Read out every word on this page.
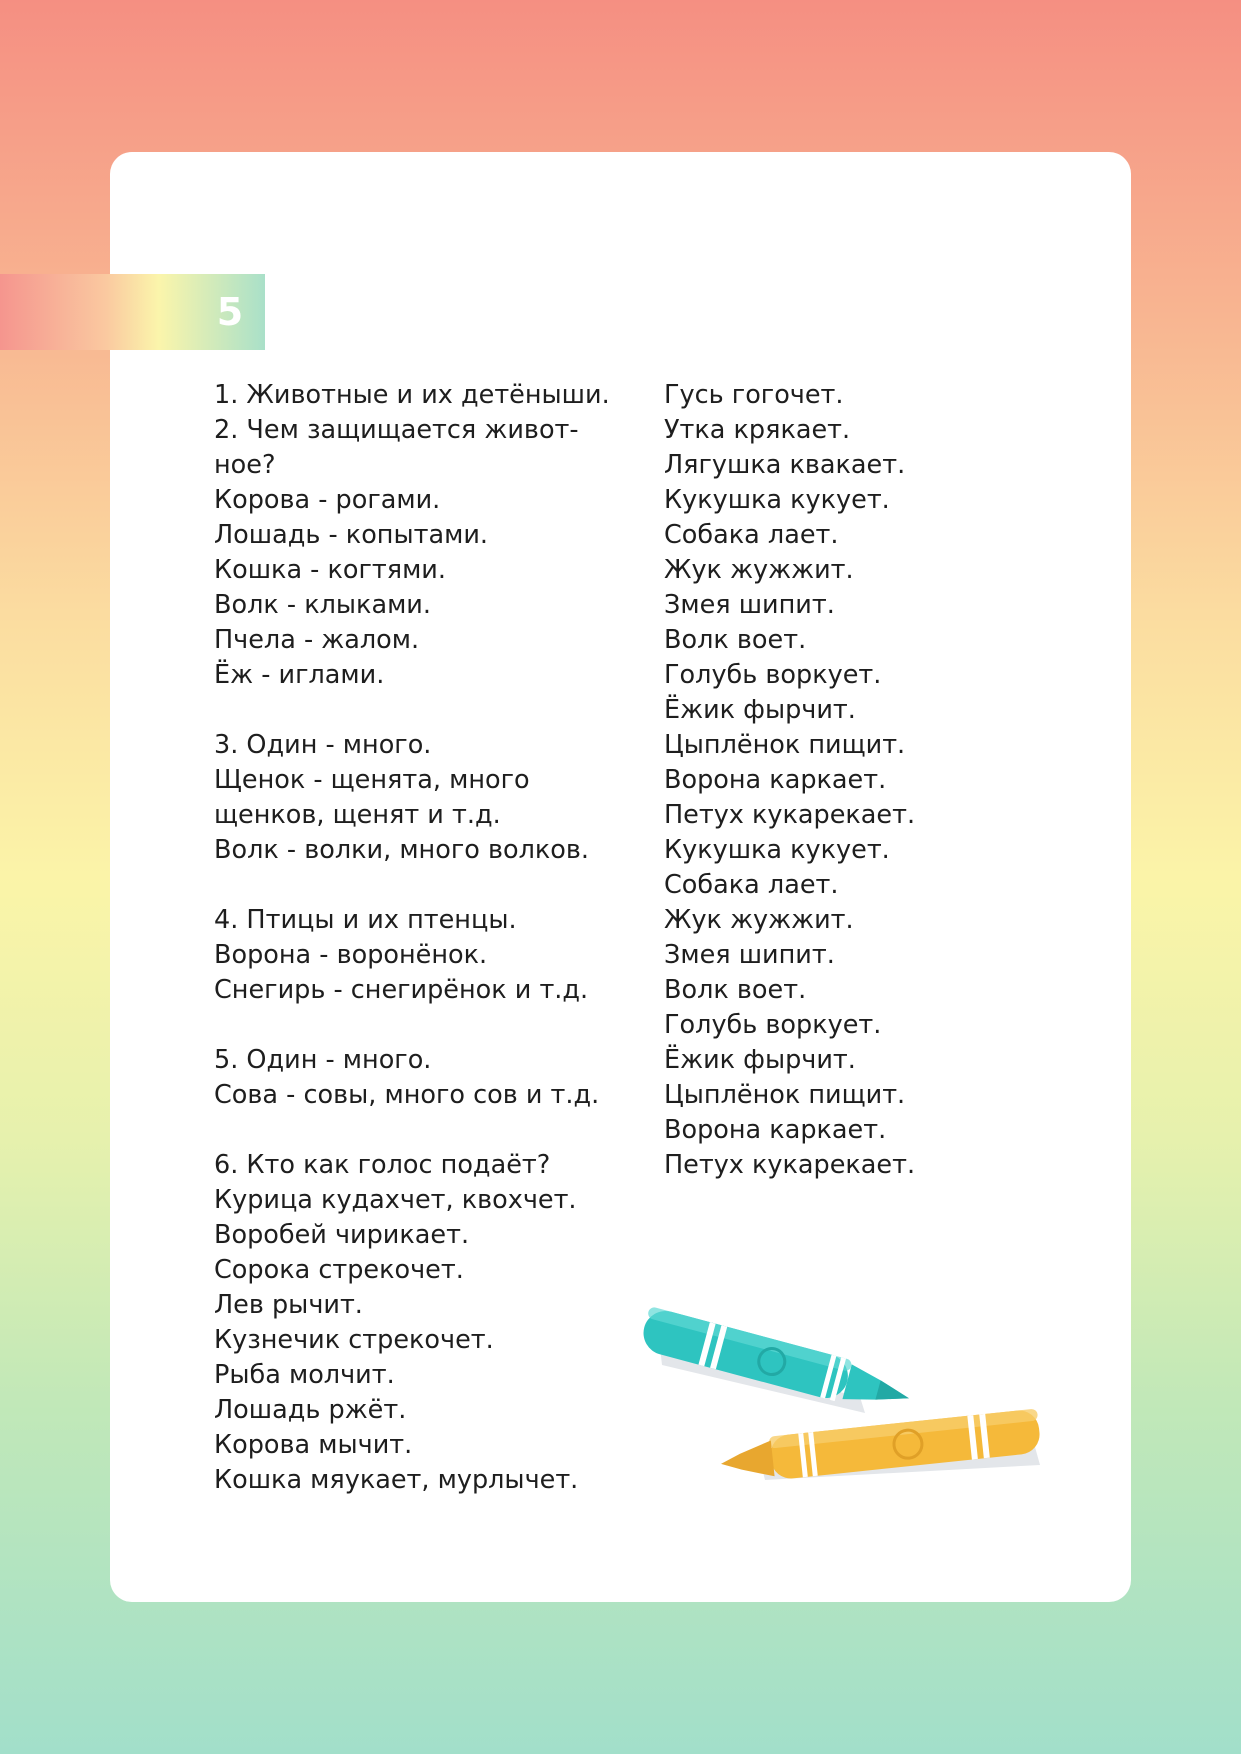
5
1. Животные и их детёныши.
2. Чем защищается живот-
ное?
Корова - рогами.
Лошадь - копытами.
Кошка - когтями.
Волк - клыками.
Пчела - жалом.
Ёж - иглами.
3. Один - много.
Щенок - щенята, много
щенков, щенят и т.д.
Волк - волки, много волков.
4. Птицы и их птенцы.
Ворона - воронёнок.
Снегирь - снегирёнок и т.д.
5. Один - много.
Сова - совы, много сов и т.д.
6. Кто как голос подаёт?
Курица кудахчет, квохчет.
Воробей чирикает.
Сорока стрекочет.
Лев рычит.
Кузнечик стрекочет.
Рыба молчит.
Лошадь ржёт.
Корова мычит.
Кошка мяукает, мурлычет.
Гусь гогочет.
Утка крякает.
Лягушка квакает.
Кукушка кукует.
Собака лает.
Жук жужжит.
Змея шипит.
Волк воет.
Голубь воркует.
Ёжик фырчит.
Цыплёнок пищит.
Ворона каркает.
Петух кукарекает.
Кукушка кукует.
Собака лает.
Жук жужжит.
Змея шипит.
Волк воет.
Голубь воркует.
Ёжик фырчит.
Цыплёнок пищит.
Ворона каркает.
Петух кукарекает.
